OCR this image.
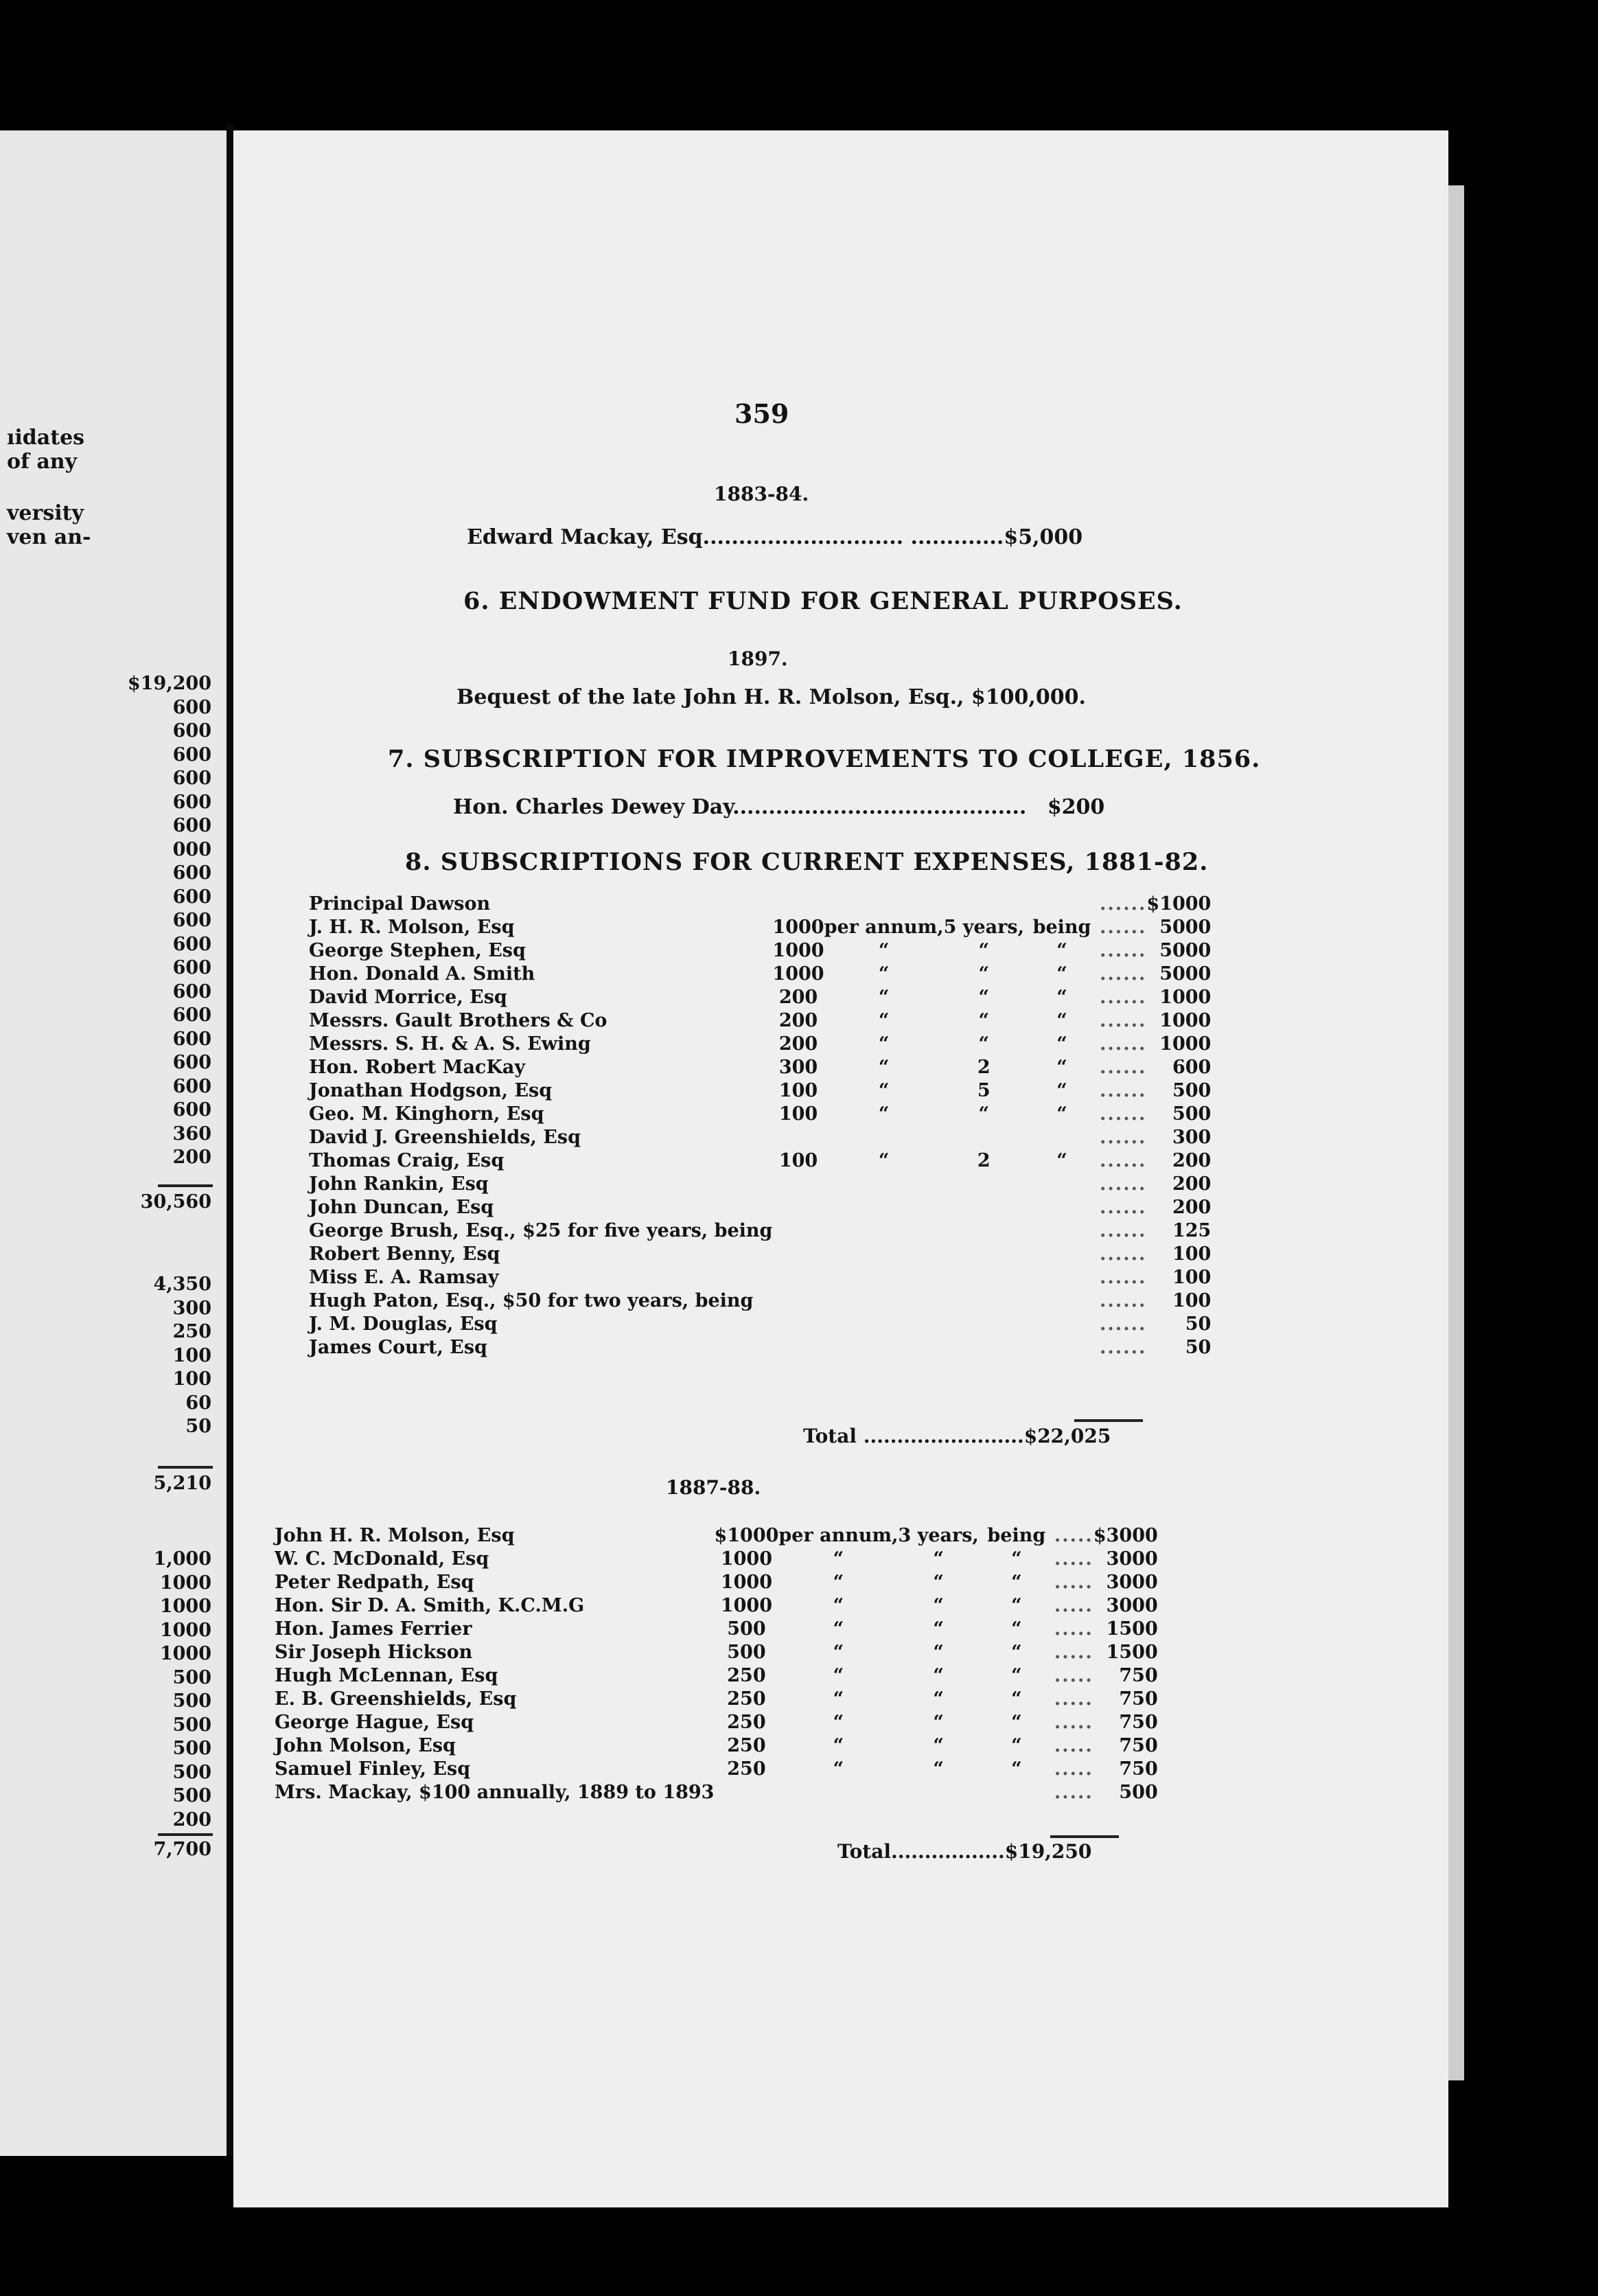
ıidates
of any
versity
ven an-
$19,200
600
600
600
600
600
600
000
600
600
600
600
600
600
600
600
600
600
600
360
200
30,560
4,350
300
250
100
100
60
50
5,210
1,000
1000
1000
1000
1000
500
500
500
500
500
500
200
7,700
359
1883-84.
Edward Mackay, Esq............................ .............$5,000
6. ENDOWMENT FUND FOR GENERAL PURPOSES.
1897.
Bequest of the late John H. R. Molson, Esq., $100,000.
7. SUBSCRIPTION FOR IMPROVEMENTS TO COLLEGE, 1856.
Hon. Charles Dewey Day......................................... $200
8. SUBSCRIPTIONS FOR CURRENT EXPENSES, 1881-82.
Principal Dawson					......	$1000
J. H. R. Molson, Esq	1000	per annum,	5 years,	being	......	5000
George Stephen, Esq	1000	“	“	“	......	5000
Hon. Donald A. Smith	1000	“	“	“	......	5000
David Morrice, Esq	200	“	“	“	......	1000
Messrs. Gault Brothers & Co	200	“	“	“	......	1000
Messrs. S. H. & A. S. Ewing	200	“	“	“	......	1000
Hon. Robert MacKay	300	“	2	“	......	600
Jonathan Hodgson, Esq	100	“	5	“	......	500
Geo. M. Kinghorn, Esq	100	“	“	“	......	500
David J. Greenshields, Esq					......	300
Thomas Craig, Esq	100	“	2	“	......	200
John Rankin, Esq					......	200
John Duncan, Esq					......	200
George Brush, Esq., $25 for five years, being					......	125
Robert Benny, Esq					......	100
Miss E. A. Ramsay					......	100
Hugh Paton, Esq., $50 for two years, being					......	100
J. M. Douglas, Esq					......	50
James Court, Esq					......	50
Total ........................$22,025
1887-88.
John H. R. Molson, Esq	$1000	per annum,	3 years,	being	.....	$3000
W. C. McDonald, Esq	1000	“	“	“	.....	3000
Peter Redpath, Esq	1000	“	“	“	.....	3000
Hon. Sir D. A. Smith, K.C.M.G	1000	“	“	“	.....	3000
Hon. James Ferrier	500	“	“	“	.....	1500
Sir Joseph Hickson	500	“	“	“	.....	1500
Hugh McLennan, Esq	250	“	“	“	.....	750
E. B. Greenshields, Esq	250	“	“	“	.....	750
George Hague, Esq	250	“	“	“	.....	750
John Molson, Esq	250	“	“	“	.....	750
Samuel Finley, Esq	250	“	“	“	.....	750
Mrs. Mackay, $100 annually, 1889 to 1893					.....	500
Total.................$19,250
